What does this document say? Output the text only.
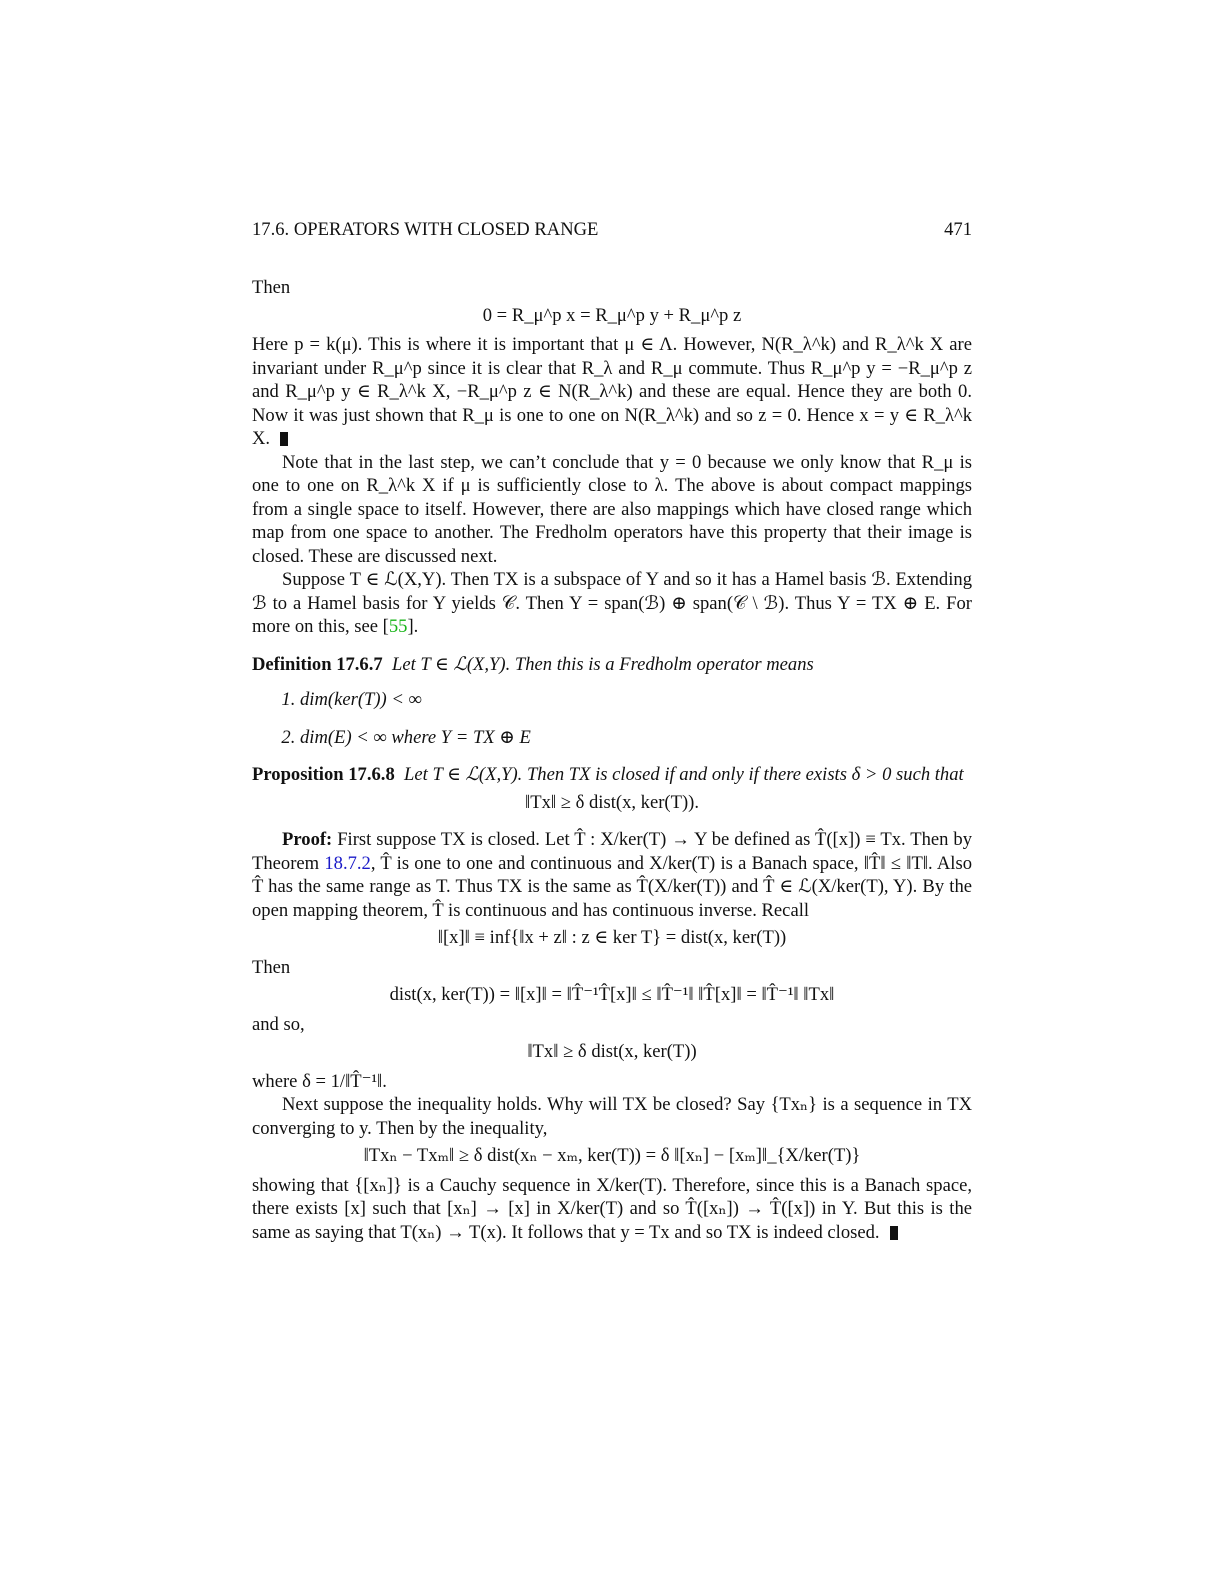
17.6. OPERATORS WITH CLOSED RANGE	471

Then

0 = R_μ^p x = R_μ^p y + R_μ^p z

Here p = k(μ). This is where it is important that μ ∈ Λ. However, N(R_λ^k) and R_λ^k X are invariant under R_μ^p since it is clear that R_λ and R_μ commute. Thus R_μ^p y = −R_μ^p z and R_μ^p y ∈ R_λ^k X, −R_μ^p z ∈ N(R_λ^k) and these are equal. Hence they are both 0. Now it was just shown that R_μ is one to one on N(R_λ^k) and so z = 0. Hence x = y ∈ R_λ^k X.

Note that in the last step, we can’t conclude that y = 0 because we only know that R_μ is one to one on R_λ^k X if μ is sufficiently close to λ. The above is about compact mappings from a single space to itself. However, there are also mappings which have closed range which map from one space to another. The Fredholm operators have this property that their image is closed. These are discussed next.

Suppose T ∈ ℒ(X,Y). Then TX is a subspace of Y and so it has a Hamel basis ℬ. Extending ℬ to a Hamel basis for Y yields 𝒞. Then Y = span(ℬ) ⊕ span(𝒞 \ ℬ). Thus Y = TX ⊕ E. For more on this, see [55].

Definition 17.6.7 Let T ∈ ℒ(X,Y). Then this is a Fredholm operator means

1. dim(ker(T)) < ∞
2. dim(E) < ∞ where Y = TX ⊕ E

Proposition 17.6.8 Let T ∈ ℒ(X,Y). Then TX is closed if and only if there exists δ > 0 such that

‖Tx‖ ≥ δ dist(x, ker(T)).

Proof: First suppose TX is closed. Let T̂ : X/ker(T) → Y be defined as T̂([x]) ≡ Tx. Then by Theorem 18.7.2, T̂ is one to one and continuous and X/ker(T) is a Banach space, ‖T̂‖ ≤ ‖T‖. Also T̂ has the same range as T. Thus TX is the same as T̂(X/ker(T)) and T̂ ∈ ℒ(X/ker(T), Y). By the open mapping theorem, T̂ is continuous and has continuous inverse. Recall

‖[x]‖ ≡ inf{‖x + z‖ : z ∈ ker T} = dist(x, ker(T))

Then

dist(x, ker(T)) = ‖[x]‖ = ‖T̂⁻¹T̂[x]‖ ≤ ‖T̂⁻¹‖ ‖T̂[x]‖ = ‖T̂⁻¹‖ ‖Tx‖

and so,

‖Tx‖ ≥ δ dist(x, ker(T))

where δ = 1/‖T̂⁻¹‖.

Next suppose the inequality holds. Why will TX be closed? Say {Txₙ} is a sequence in TX converging to y. Then by the inequality,

‖Txₙ − Txₘ‖ ≥ δ dist(xₙ − xₘ, ker(T)) = δ ‖[xₙ] − [xₘ]‖_{X/ker(T)}

showing that {[xₙ]} is a Cauchy sequence in X/ker(T). Therefore, since this is a Banach space, there exists [x] such that [xₙ] → [x] in X/ker(T) and so T̂([xₙ]) → T̂([x]) in Y. But this is the same as saying that T(xₙ) → T(x). It follows that y = Tx and so TX is indeed closed.
